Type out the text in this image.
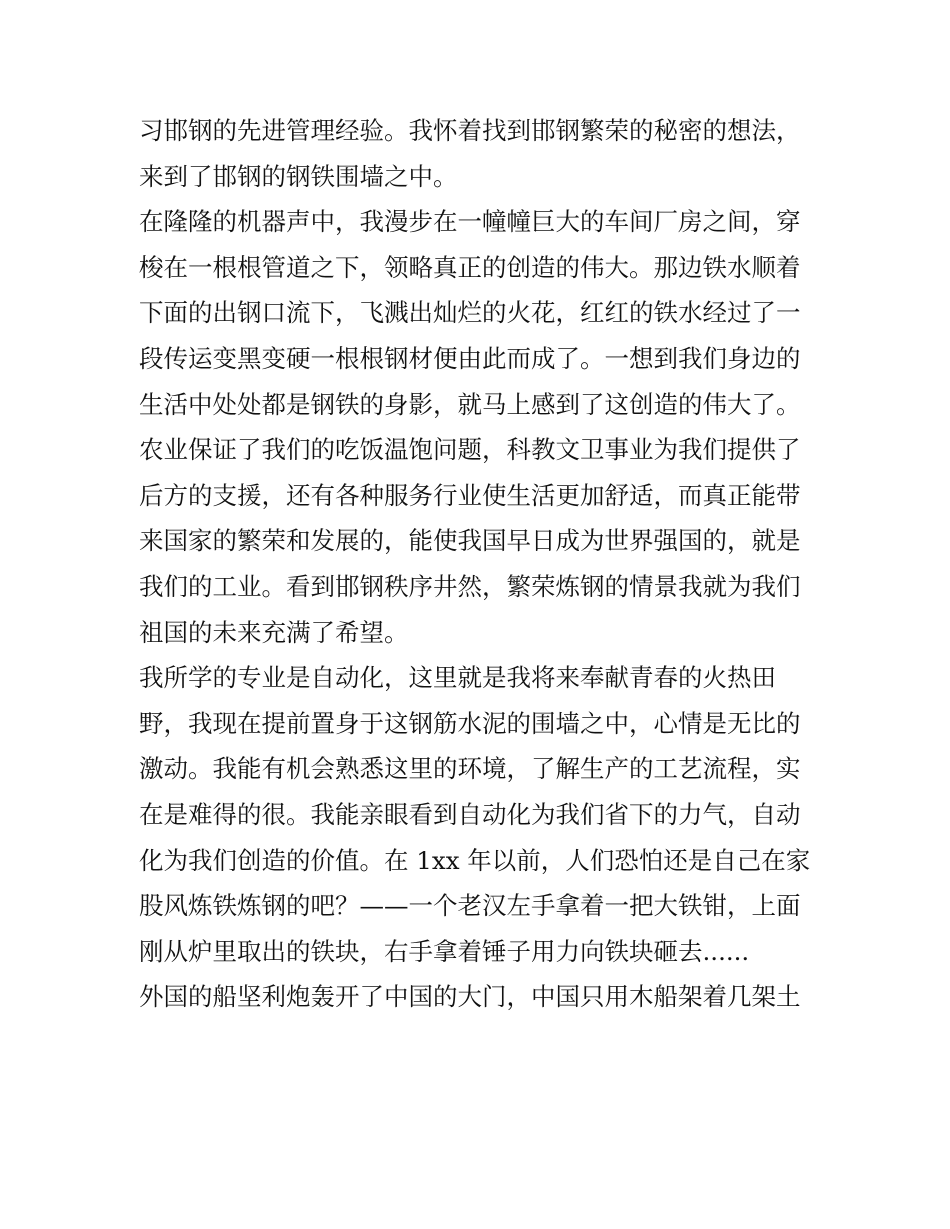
习邯钢的先进管理经验。我怀着找到邯钢繁荣的秘密的想法，
来到了邯钢的钢铁围墙之中。
在隆隆的机器声中，我漫步在一幢幢巨大的车间厂房之间，穿
梭在一根根管道之下，领略真正的创造的伟大。那边铁水顺着
下面的出钢口流下，飞溅出灿烂的火花，红红的铁水经过了一
段传运变黑变硬一根根钢材便由此而成了。一想到我们身边的
生活中处处都是钢铁的身影，就马上感到了这创造的伟大了。
农业保证了我们的吃饭温饱问题，科教文卫事业为我们提供了
后方的支援，还有各种服务行业使生活更加舒适，而真正能带
来国家的繁荣和发展的，能使我国早日成为世界强国的，就是
我们的工业。看到邯钢秩序井然，繁荣炼钢的情景我就为我们
祖国的未来充满了希望。
我所学的专业是自动化，这里就是我将来奉献青春的火热田
野，我现在提前置身于这钢筋水泥的围墙之中，心情是无比的
激动。我能有机会熟悉这里的环境，了解生产的工艺流程，实
在是难得的很。我能亲眼看到自动化为我们省下的力气，自动
化为我们创造的价值。在 1xx 年以前，人们恐怕还是自己在家
股风炼铁炼钢的吧？——一个老汉左手拿着一把大铁钳，上面
刚从炉里取出的铁块，右手拿着锤子用力向铁块砸去......
外国的船坚利炮轰开了中国的大门，中国只用木船架着几架土
